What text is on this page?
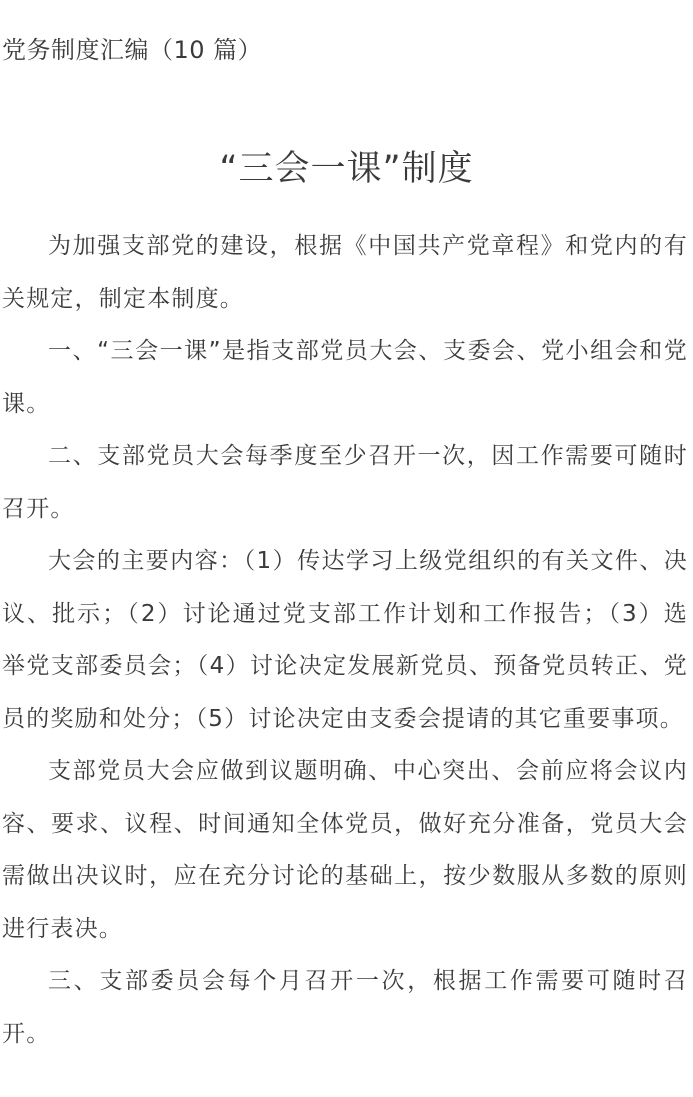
党务制度汇编（10 篇）
“三会一课”制度

为加强支部党的建设，根据《中国共产党章程》和党内的有关规定，制定本制度。

一、“三会一课”是指支部党员大会、支委会、党小组会和党课。

二、支部党员大会每季度至少召开一次，因工作需要可随时召开。

大会的主要内容：（1）传达学习上级党组织的有关文件、决议、批示；（2）讨论通过党支部工作计划和工作报告；（3）选举党支部委员会；（4）讨论决定发展新党员、预备党员转正、党员的奖励和处分；（5）讨论决定由支委会提请的其它重要事项。

支部党员大会应做到议题明确、中心突出、会前应将会议内容、要求、议程、时间通知全体党员，做好充分准备，党员大会需做出决议时，应在充分讨论的基础上，按少数服从多数的原则进行表决。

三、支部委员会每个月召开一次，根据工作需要可随时召开。
